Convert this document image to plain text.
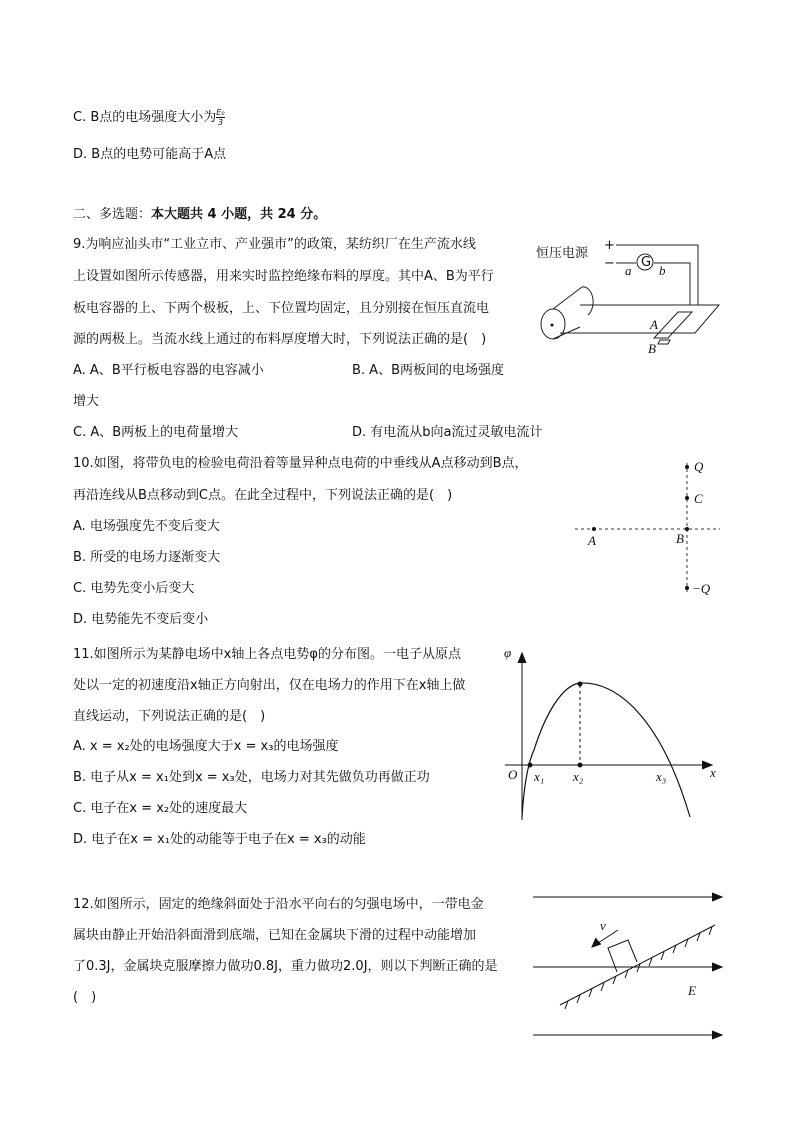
C. B点的电场强度大小为 $\frac{\text{E₀}}{3}$
D. B点的电势可能高于A点
二、多选题：本大题共 4 小题，共 24 分。
9.为响应汕头市“工业立市、产业强市”的政策，某纺织厂在生产流水线
上设置如图所示传感器，用来实时监控绝缘布料的厚度。其中A、B为平行
板电容器的上、下两个极板，上、下位置均固定，且分别接在恒压直流电
源的两极上。当流水线上通过的布料厚度增大时，下列说法正确的是(　)
A. A、B平行板电容器的电容减小	B. A、B两板间的电场强度
增大
C. A、B两板上的电荷量增大	D. 有电流从b向a流过灵敏电流计
恒压电源
+
− G
a b
A
B
10.如图，将带负电的检验电荷沿着等量异种点电荷的中垂线从A点移动到B点，
再沿连线从B点移动到C点。在此全过程中，下列说法正确的是(　)
A. 电场强度先不变后变大
B. 所受的电场力逐渐变大
C. 电势先变小后变大
D. 电势能先不变后变小
Q
C
A	B
−Q
11.如图所示为某静电场中x轴上各点电势φ的分布图。一电子从原点
处以一定的初速度沿x轴正方向射出，仅在电场力的作用下在x轴上做
直线运动，下列说法正确的是(　)
A. x = x₂处的电场强度大于x = x₃的电场强度
B. 电子从x = x₁处到x = x₃处，电场力对其先做负功再做正功
C. 电子在x = x₂处的速度最大
D. 电子在x = x₁处的动能等于电子在x = x₃的动能
φ
O	x
x₁ x₂	x₃
12.如图所示，固定的绝缘斜面处于沿水平向右的匀强电场中，一带电金
属块由静止开始沿斜面滑到底端，已知在金属块下滑的过程中动能增加
了0.3J，金属块克服摩擦力做功0.8J，重力做功2.0J，则以下判断正确的是
(　)
v
E
